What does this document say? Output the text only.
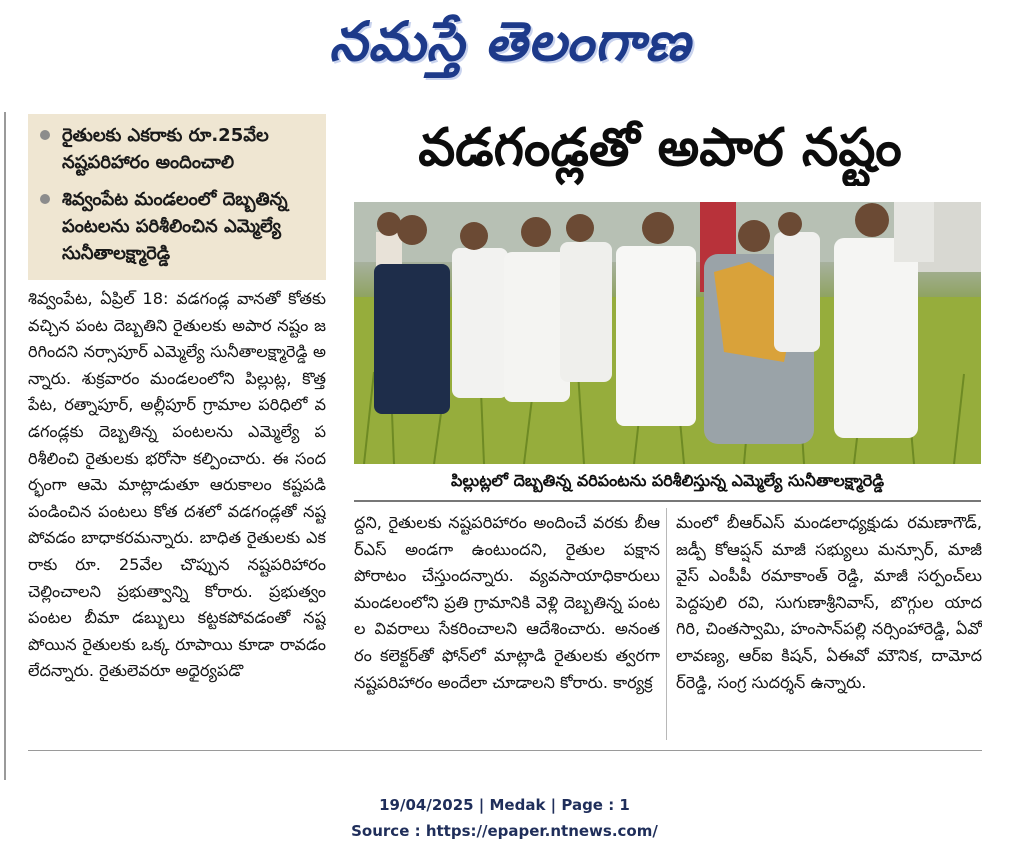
నమస్తే తెలంగాణ
రైతులకు ఎకరాకు రూ.25వేల నష్టపరిహారం అందించాలి
శివ్వంపేట మండలంలో దెబ్బతిన్న పంటలను పరిశీలించిన ఎమ్మెల్యే సునీతాలక్ష్మారెడ్డి
వడగండ్లతో అపార నష్టం
పిల్లుట్లలో దెబ్బతిన్న వరిపంటను పరిశీలిస్తున్న ఎమ్మెల్యే సునీతాలక్ష్మారెడ్డి
శివ్వంపేట, ఏప్రిల్ 18: వడగండ్ల వానతో కోతకు వచ్చిన పంట దెబ్బతిని రైతులకు అపార నష్టం జరిగిందని నర్సాపూర్ ఎమ్మెల్యే సునీతాలక్ష్మారెడ్డి అన్నారు. శుక్రవారం మండలంలోని పిల్లుట్ల, కొత్తపేట, రత్నాపూర్, అల్లీపూర్ గ్రామాల పరిధిలో వడగండ్లకు దెబ్బతిన్న పంటలను ఎమ్మెల్యే పరిశీలించి రైతులకు భరోసా కల్పించారు. ఈ సందర్భంగా ఆమె మాట్లాడుతూ ఆరుకాలం కష్టపడి పండించిన పంటలు కోత దశలో వడగండ్లతో నష్టపోవడం బాధాకరమన్నారు. బాధిత రైతులకు ఎకరాకు రూ. 25వేల చొప్పున నష్టపరిహారం చెల్లించాలని ప్రభుత్వాన్ని కోరారు. ప్రభుత్వం పంటల బీమా డబ్బులు కట్టకపోవడంతో నష్టపోయిన రైతులకు ఒక్క రూపాయి కూడా రావడం లేదన్నారు. రైతులెవరూ అధైర్యపడొ
ద్దని, రైతులకు నష్టపరిహారం అందించే వరకు బీఆర్ఎస్ అండగా ఉంటుందని, రైతుల పక్షాన పోరాటం చేస్తుందన్నారు. వ్యవసాయాధికారులు మండలంలోని ప్రతి గ్రామానికి వెళ్లి దెబ్బతిన్న పంటల వివరాలు సేకరించాలని ఆదేశించారు. అనంతరం కలెక్టర్‌తో ఫోన్‌లో మాట్లాడి రైతులకు త్వరగా నష్టపరిహారం అందేలా చూడాలని కోరారు. కార్యక్ర
మంలో బీఆర్ఎస్ మండలాధ్యక్షుడు రమణాగౌడ్, జడ్పీ కోఆప్షన్ మాజీ సభ్యులు మన్సూర్, మాజీ వైస్ ఎంపీపీ రమాకాంత్ రెడ్డి, మాజీ సర్పంచ్‌లు పెద్దపులి రవి, సుగుణాశ్రీనివాస్, బొగ్గుల యాదగిరి, చింతస్వామి, హంసాన్‌పల్లి నర్సింహారెడ్డి, ఏవో లావణ్య, ఆర్ఐ కిషన్, ఏఈవో మౌనిక, దామోదర్‌రెడ్డి, సంగ్ర సుదర్శన్ ఉన్నారు.
19/04/2025 | Medak | Page : 1
Source : https://epaper.ntnews.com/
